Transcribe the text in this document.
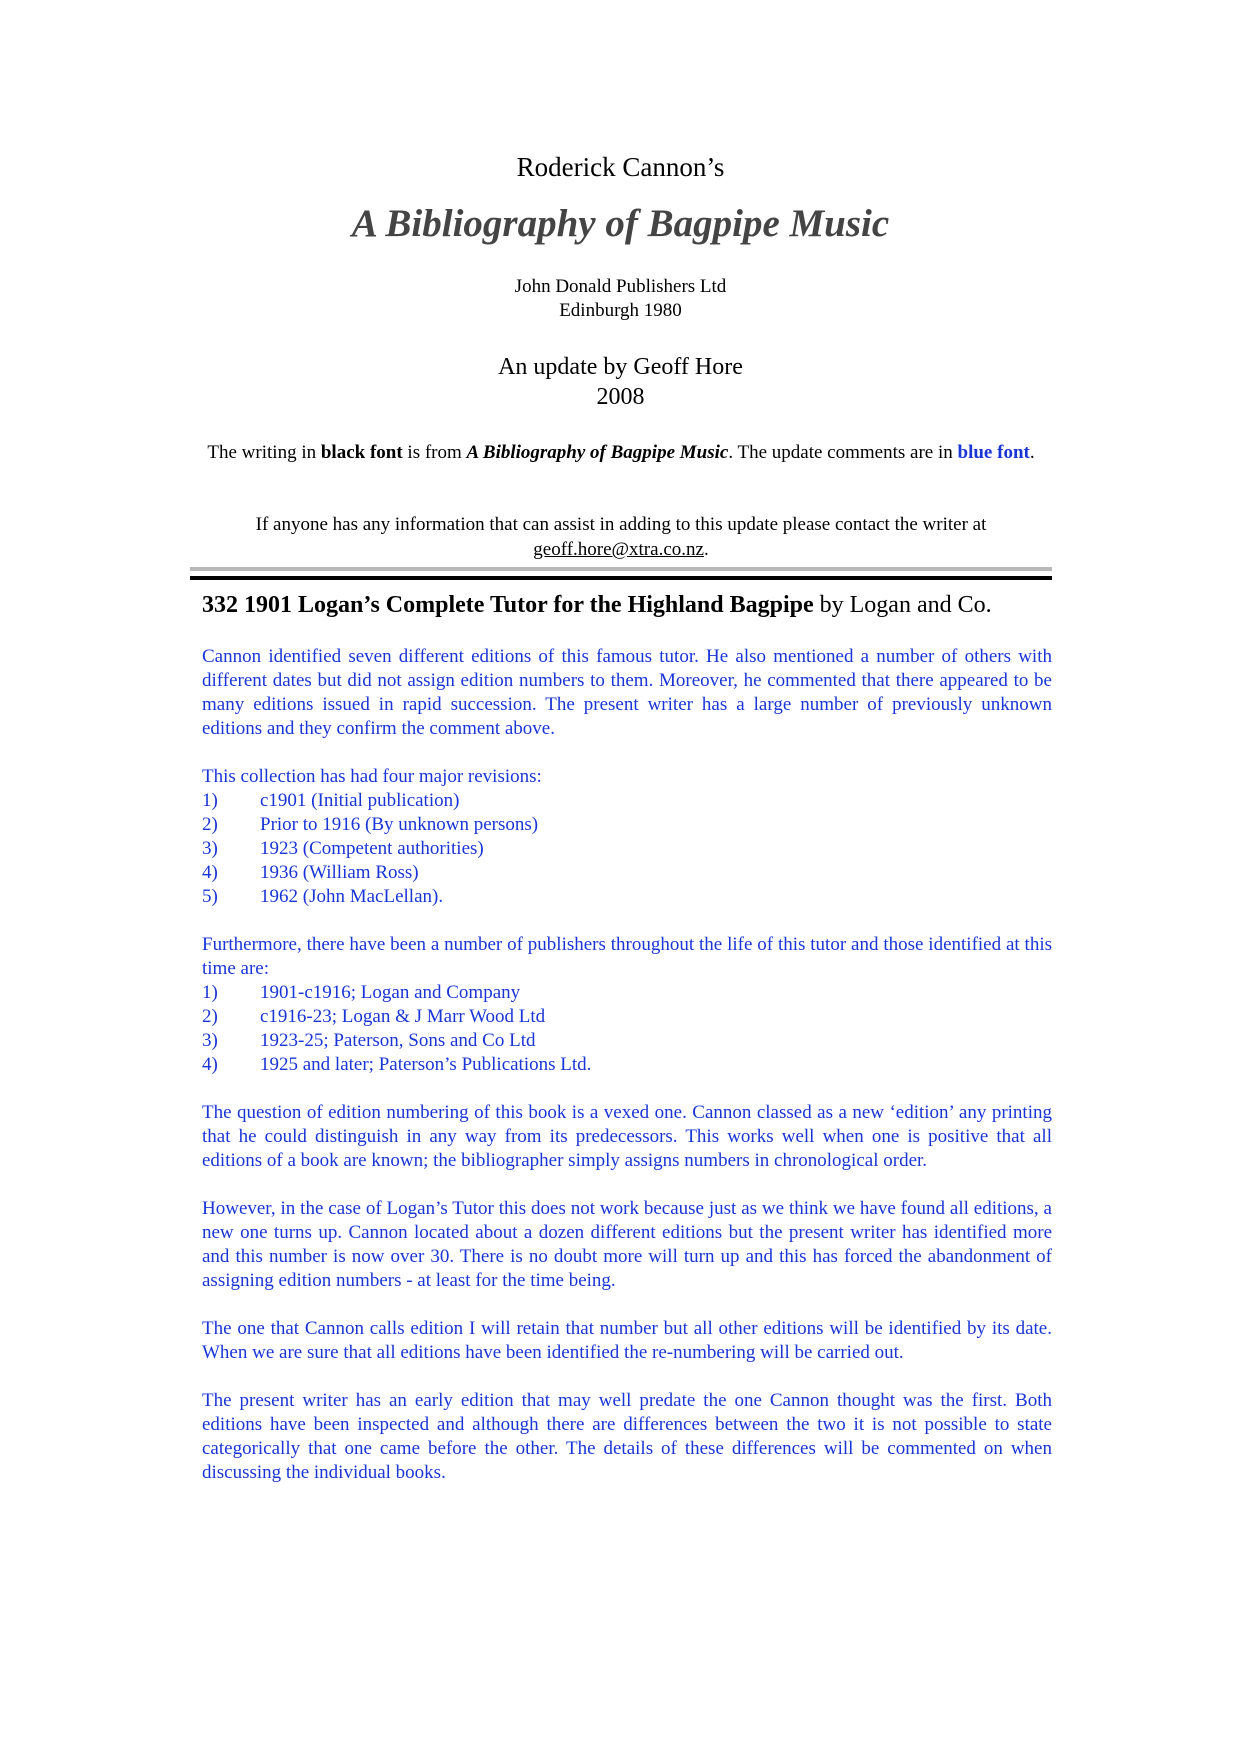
Roderick Cannon’s
A Bibliography of Bagpipe Music
John Donald Publishers Ltd
Edinburgh 1980
An update by Geoff Hore
2008
The writing in black font is from A Bibliography of Bagpipe Music. The update comments are in blue font.
If anyone has any information that can assist in adding to this update please contact the writer at geoff.hore@xtra.co.nz.
332 1901 Logan’s Complete Tutor for the Highland Bagpipe by Logan and Co.

Cannon identified seven different editions of this famous tutor. He also mentioned a number of others with different dates but did not assign edition numbers to them. Moreover, he commented that there appeared to be many editions issued in rapid succession. The present writer has a large number of previously unknown editions and they confirm the comment above.

This collection has had four major revisions:

1)	c1901 (Initial publication)
2)	Prior to 1916 (By unknown persons)
3)	1923 (Competent authorities)
4)	1936 (William Ross)
5)	1962 (John MacLellan).

Furthermore, there have been a number of publishers throughout the life of this tutor and those identified at this time are:

1)	1901-c1916; Logan and Company
2)	c1916-23; Logan & J Marr Wood Ltd
3)	1923-25; Paterson, Sons and Co Ltd
4)	1925 and later; Paterson’s Publications Ltd.

The question of edition numbering of this book is a vexed one. Cannon classed as a new ‘edition’ any printing that he could distinguish in any way from its predecessors. This works well when one is positive that all editions of a book are known; the bibliographer simply assigns numbers in chronological order.

However, in the case of Logan’s Tutor this does not work because just as we think we have found all editions, a new one turns up. Cannon located about a dozen different editions but the present writer has identified more and this number is now over 30. There is no doubt more will turn up and this has forced the abandonment of assigning edition numbers - at least for the time being.

The one that Cannon calls edition I will retain that number but all other editions will be identified by its date. When we are sure that all editions have been identified the re-numbering will be carried out.

The present writer has an early edition that may well predate the one Cannon thought was the first. Both editions have been inspected and although there are differences between the two it is not possible to state categorically that one came before the other. The details of these differences will be commented on when discussing the individual books.
